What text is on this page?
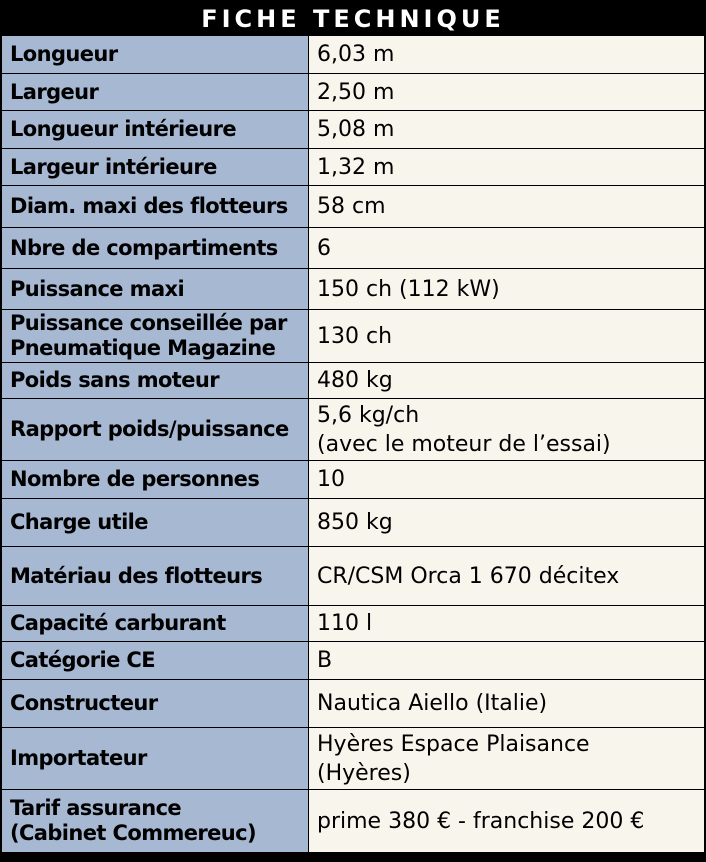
FICHE TECHNIQUE
Longueur	6,03 m

Largeur	2,50 m

Longueur intérieure	5,08 m

Largeur intérieure	1,32 m

Diam. maxi des flotteurs	58 cm

Nbre de compartiments	6

Puissance maxi	150 ch (112 kW)

Puissance conseillée par
Pneumatique Magazine	130 ch

Poids sans moteur	480 kg

Rapport poids/puissance	5,6 kg/ch
(avec le moteur de l’essai)

Nombre de personnes	10

Charge utile	850 kg

Matériau des flotteurs	CR/CSM Orca 1 670 décitex

Capacité carburant	110 l

Catégorie CE	B

Constructeur	Nautica Aiello (Italie)

Importateur	Hyères Espace Plaisance
(Hyères)

Tarif assurance
(Cabinet Commereuc)	prime 380 € - franchise 200 €
